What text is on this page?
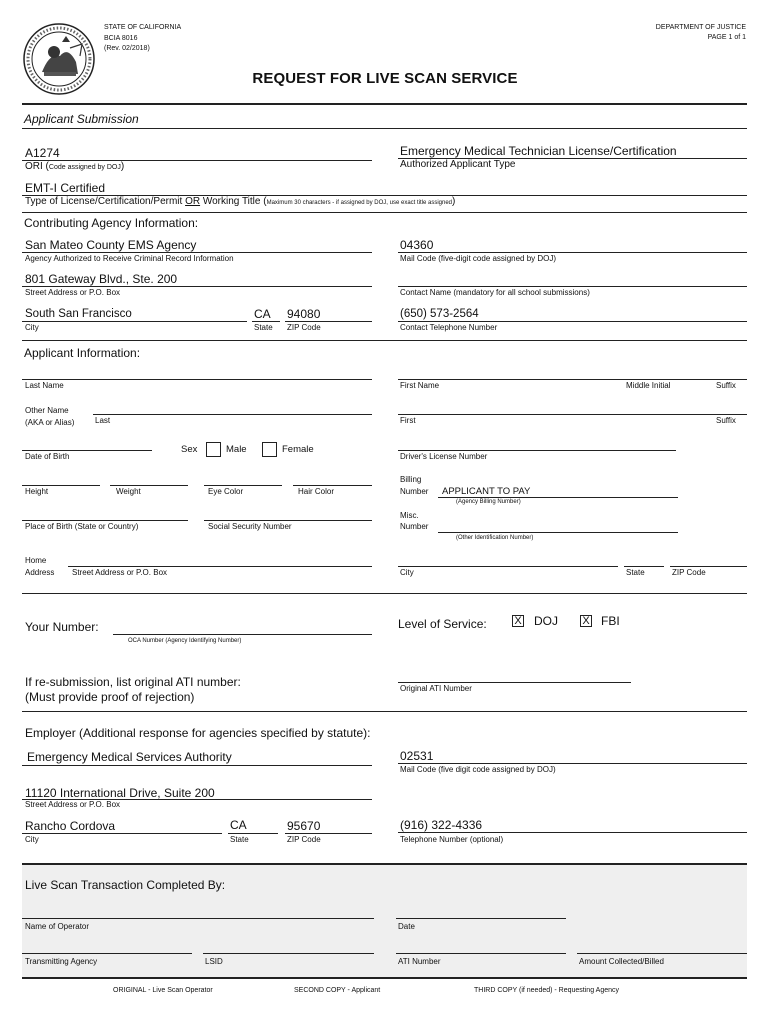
STATE OF CALIFORNIA
BCIA 8016
(Rev. 02/2018)
DEPARTMENT OF JUSTICE
PAGE 1 of 1
REQUEST FOR LIVE SCAN SERVICE
Applicant Submission
A1274
ORI (Code assigned by DOJ)
Emergency Medical Technician License/Certification
Authorized Applicant Type
EMT-I Certified
Type of License/Certification/Permit OR Working Title (Maximum 30 characters - if assigned by DOJ, use exact title assigned)
Contributing Agency Information:
San Mateo County EMS Agency
Agency Authorized to Receive Criminal Record Information
04360
Mail Code (five-digit code assigned by DOJ)
801 Gateway Blvd., Ste. 200
Street Address or P.O. Box	Contact Name (mandatory for all school submissions)
South San Francisco	CA 94080
City	State ZIP Code
(650) 573-2564
Contact Telephone Number
Applicant Information:
Last Name	First Name	Middle Initial	Suffix
Other Name
(AKA or Alias)	Last	First	Suffix
Date of Birth
Sex	Male	Female
Driver's License Number
Height	Weight	Eye Color	Hair Color
Billing
Number APPLICANT TO PAY
(Agency Billing Number)
Place of Birth (State or Country)	Social Security Number
Misc.
Number
(Other Identification Number)
Home
Address Street Address or P.O. Box	City	State	ZIP Code
Your Number:
OCA Number (Agency Identifying Number)
Level of Service:	X DOJ X FBI
If re-submission, list original ATI number:
(Must provide proof of rejection)
Original ATI Number
Employer (Additional response for agencies specified by statute):
Emergency Medical Services Authority	02531
Mail Code (five digit code assigned by DOJ)
11120 International Drive, Suite 200
Street Address or P.O. Box
Rancho Cordova	CA	95670
City	State	ZIP Code
(916) 322-4336
Telephone Number (optional)
Live Scan Transaction Completed By:
Name of Operator	Date
Transmitting Agency	LSID	ATI Number	Amount Collected/Billed
ORIGINAL - Live Scan Operator	SECOND COPY - Applicant	THIRD COPY (if needed) - Requesting Agency
